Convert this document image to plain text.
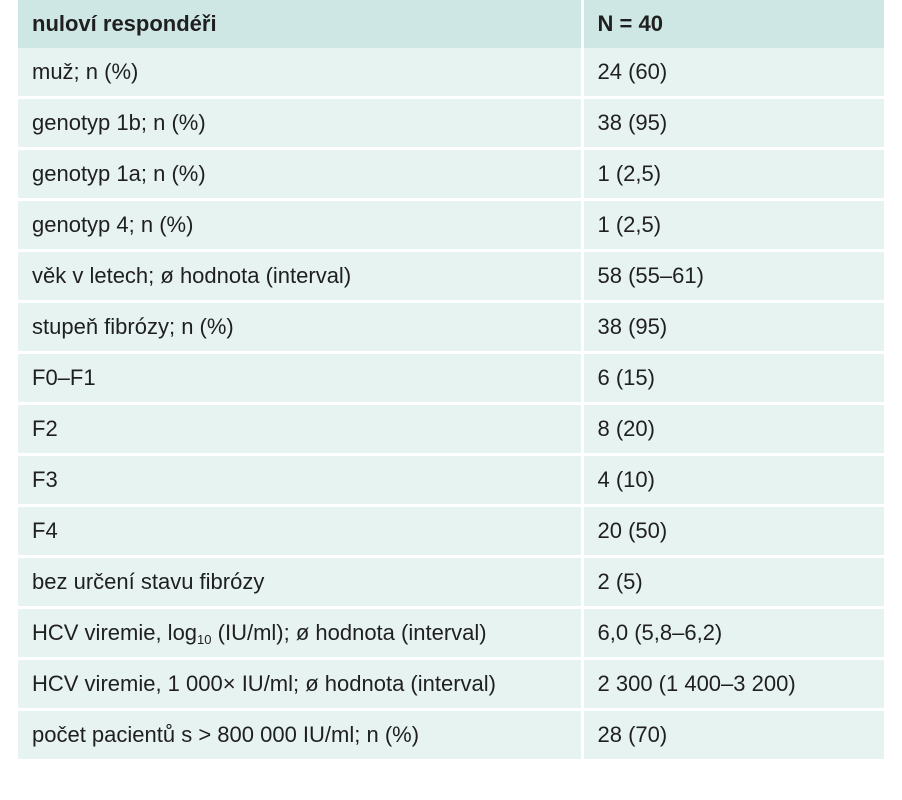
nuloví respondéři	N = 40
muž; n (%)	24 (60)
genotyp 1b; n (%)	38 (95)
genotyp 1a; n (%)	1 (2,5)
genotyp 4; n (%)	1 (2,5)
věk v letech; ø hodnota (interval)	58 (55–61)
stupeň fibrózy; n (%)	38 (95)
F0–F1	6 (15)
F2	8 (20)
F3	4 (10)
F4	20 (50)
bez určení stavu fibrózy	2 (5)
HCV viremie, $\log_{10} (IU/ml)$; ø hodnota (interval)	6,0 (5,8–6,2)
HCV viremie, 1 000× IU/ml; ø hodnota (interval)	2 300 (1 400–3 200)
počet pacientů s > 800 000 IU/ml; n (%)	28 (70)
